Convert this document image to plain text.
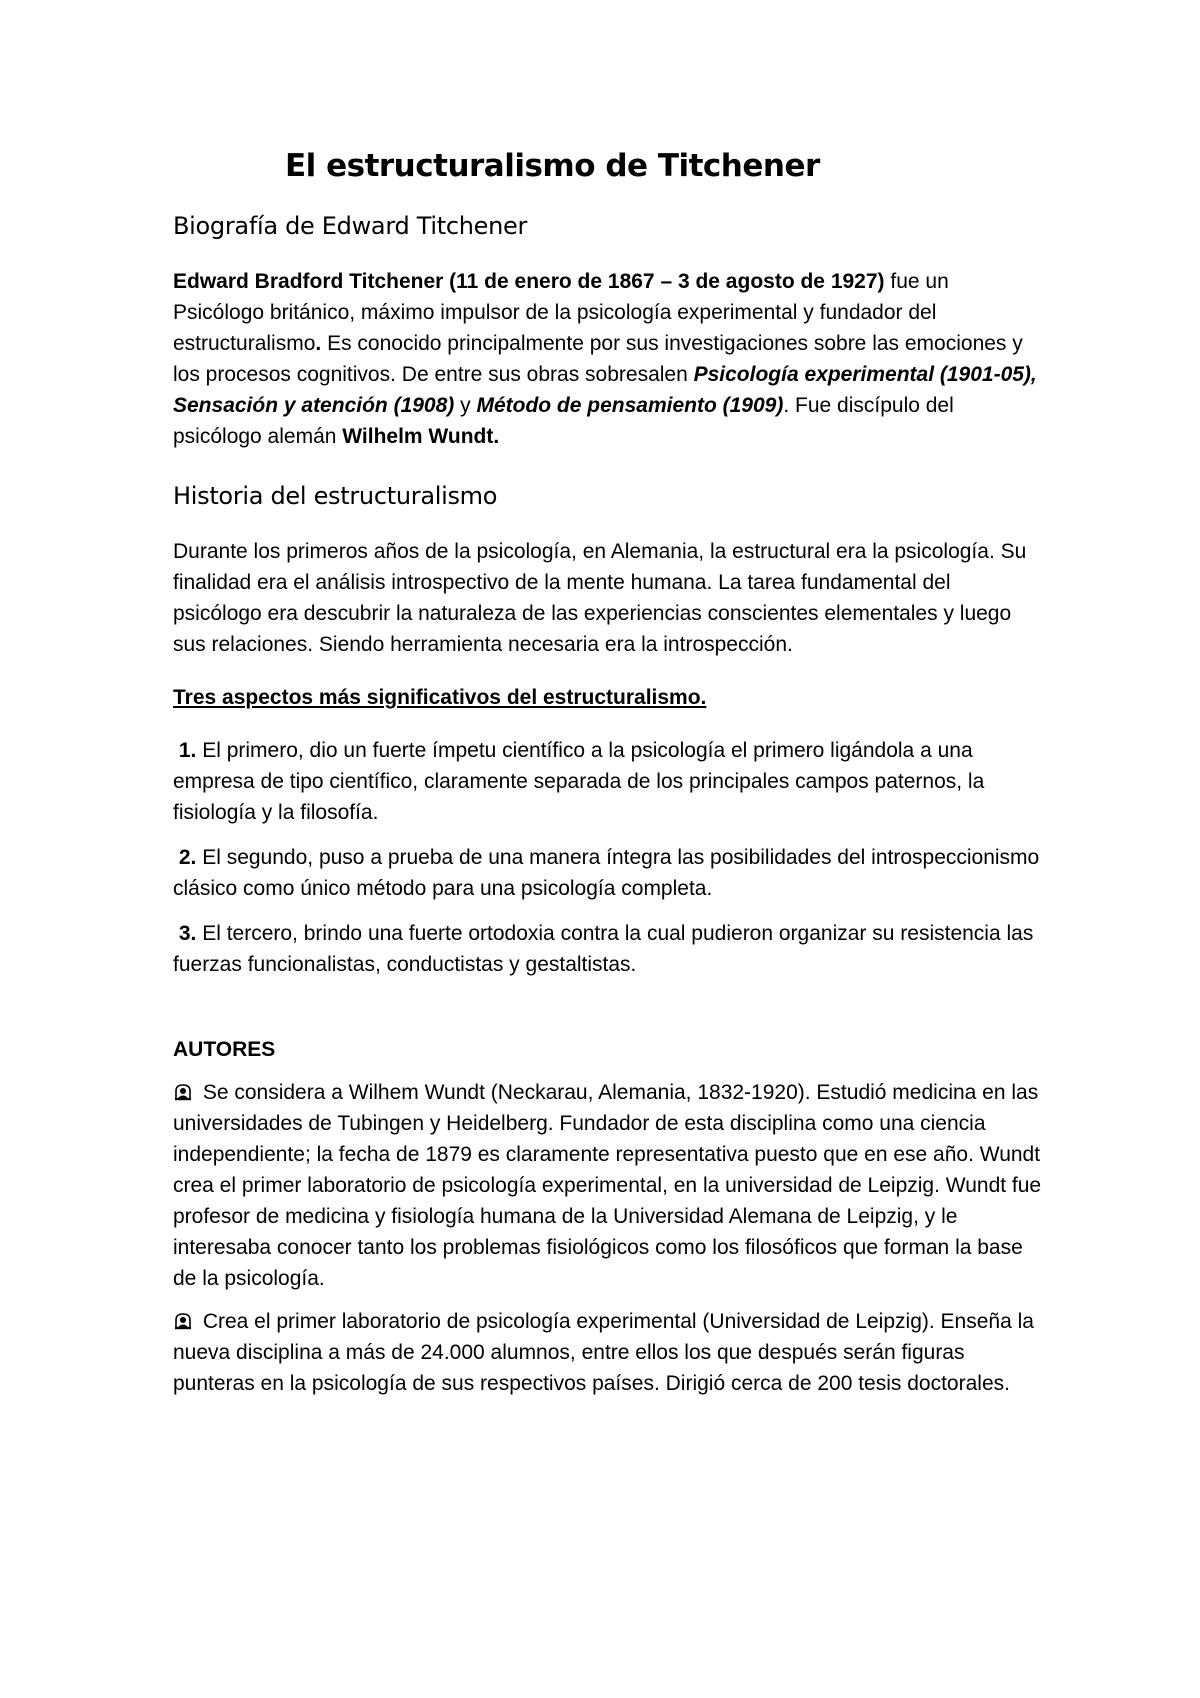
El estructuralismo de Titchener
Biografía de Edward Titchener

Edward Bradford Titchener (11 de enero de 1867 – 3 de agosto de 1927) fue un Psicólogo británico, máximo impulsor de la psicología experimental y fundador del estructuralismo. Es conocido principalmente por sus investigaciones sobre las emociones y los procesos cognitivos. De entre sus obras sobresalen Psicología experimental (1901-05), Sensación y atención (1908) y Método de pensamiento (1909). Fue discípulo del psicólogo alemán Wilhelm Wundt.

Historia del estructuralismo

Durante los primeros años de la psicología, en Alemania, la estructural era la psicología. Su finalidad era el análisis introspectivo de la mente humana. La tarea fundamental del psicólogo era descubrir la naturaleza de las experiencias conscientes elementales y luego sus relaciones. Siendo herramienta necesaria era la introspección.

Tres aspectos más significativos del estructuralismo.

1. El primero, dio un fuerte ímpetu científico a la psicología el primero ligándola a una empresa de tipo científico, claramente separada de los principales campos paternos, la fisiología y la filosofía.

2. El segundo, puso a prueba de una manera íntegra las posibilidades del introspeccionismo clásico como único método para una psicología completa.

3. El tercero, brindo una fuerte ortodoxia contra la cual pudieron organizar su resistencia las fuerzas funcionalistas, conductistas y gestaltistas.

AUTORES

Se considera a Wilhem Wundt (Neckarau, Alemania, 1832-1920). Estudió medicina en las universidades de Tubingen y Heidelberg. Fundador de esta disciplina como una ciencia independiente; la fecha de 1879 es claramente representativa puesto que en ese año. Wundt crea el primer laboratorio de psicología experimental, en la universidad de Leipzig. Wundt fue profesor de medicina y fisiología humana de la Universidad Alemana de Leipzig, y le interesaba conocer tanto los problemas fisiológicos como los filosóficos que forman la base de la psicología.

Crea el primer laboratorio de psicología experimental (Universidad de Leipzig). Enseña la nueva disciplina a más de 24.000 alumnos, entre ellos los que después serán figuras punteras en la psicología de sus respectivos países. Dirigió cerca de 200 tesis doctorales.
